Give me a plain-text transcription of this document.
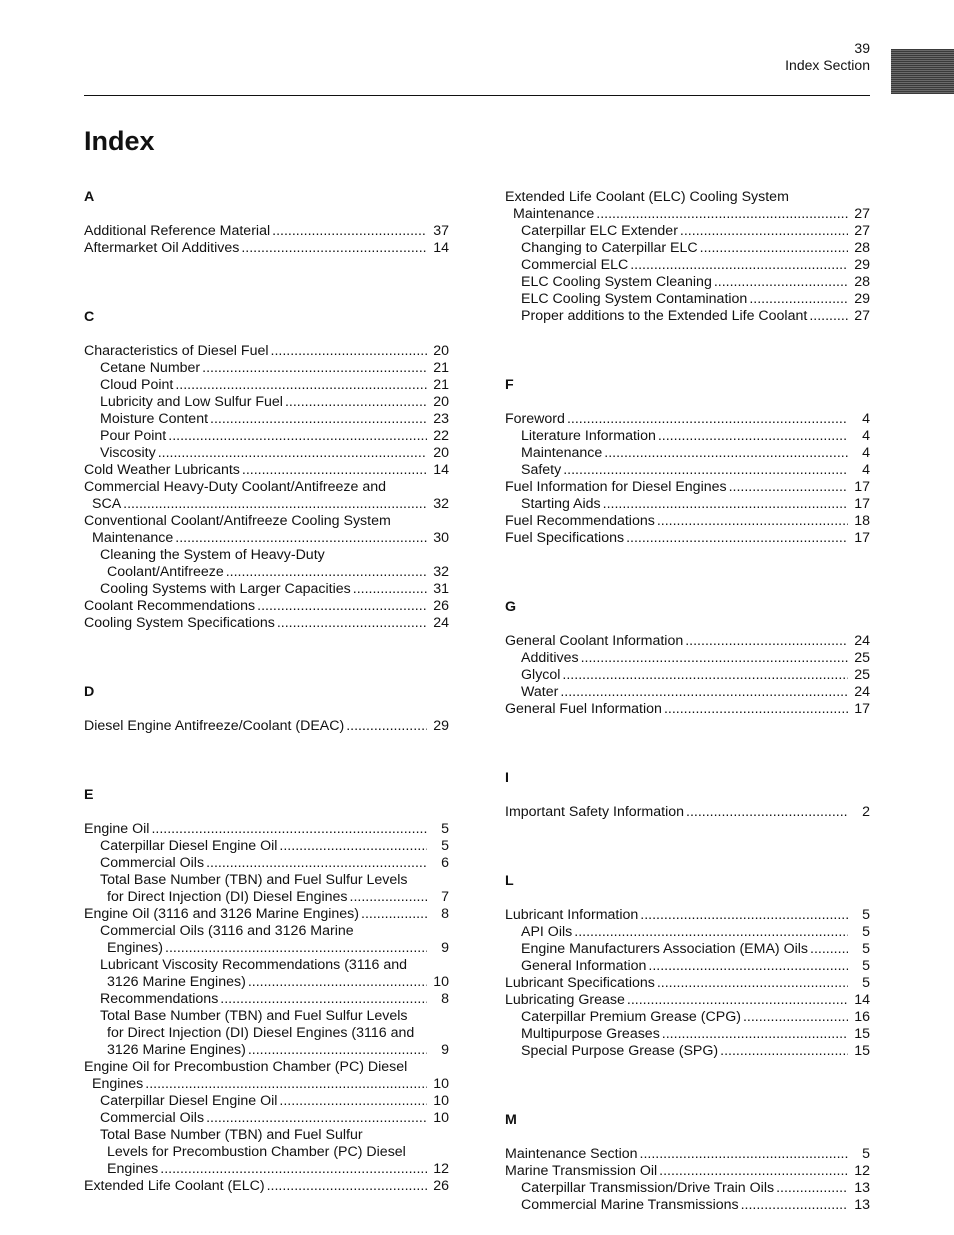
39
Index Section
Index
A
Additional Reference Material .....	37
Aftermarket Oil Additives .....	14
C
Characteristics of Diesel Fuel .....	20
Cetane Number .....	21
Cloud Point .....	21
Lubricity and Low Sulfur Fuel .....	20
Moisture Content .....	23
Pour Point .....	22
Viscosity .....	20
Cold Weather Lubricants .....	14
Commercial Heavy-Duty Coolant/Antifreeze and
SCA .....	32
Conventional Coolant/Antifreeze Cooling System
Maintenance .....	30
Cleaning the System of Heavy-Duty
Coolant/Antifreeze .....	32
Cooling Systems with Larger Capacities .....	31
Coolant Recommendations .....	26
Cooling System Specifications .....	24
D
Diesel Engine Antifreeze/Coolant (DEAC) .....	29
E
Engine Oil .....	5
Caterpillar Diesel Engine Oil .....	5
Commercial Oils .....	6
Total Base Number (TBN) and Fuel Sulfur Levels
for Direct Injection (DI) Diesel Engines .....	7
Engine Oil (3116 and 3126 Marine Engines) .....	8
Commercial Oils (3116 and 3126 Marine
Engines) .....	9
Lubricant Viscosity Recommendations (3116 and
3126 Marine Engines) .....	10
Recommendations .....	8
Total Base Number (TBN) and Fuel Sulfur Levels
for Direct Injection (DI) Diesel Engines (3116 and
3126 Marine Engines) .....	9
Engine Oil for Precombustion Chamber (PC) Diesel
Engines .....	10
Caterpillar Diesel Engine Oil .....	10
Commercial Oils .....	10
Total Base Number (TBN) and Fuel Sulfur
Levels for Precombustion Chamber (PC) Diesel
Engines .....	12
Extended Life Coolant (ELC) .....	26
Extended Life Coolant (ELC) Cooling System
Maintenance .....	27
Caterpillar ELC Extender .....	27
Changing to Caterpillar ELC .....	28
Commercial ELC .....	29
ELC Cooling System Cleaning .....	28
ELC Cooling System Contamination .....	29
Proper additions to the Extended Life Coolant .....	27
F
Foreword .....	4
Literature Information .....	4
Maintenance .....	4
Safety .....	4
Fuel Information for Diesel Engines .....	17
Starting Aids .....	17
Fuel Recommendations .....	18
Fuel Specifications .....	17
G
General Coolant Information .....	24
Additives .....	25
Glycol .....	25
Water .....	24
General Fuel Information .....	17
I
Important Safety Information .....	2
L
Lubricant Information .....	5
API Oils .....	5
Engine Manufacturers Association (EMA) Oils .....	5
General Information .....	5
Lubricant Specifications .....	5
Lubricating Grease .....	14
Caterpillar Premium Grease (CPG) .....	16
Multipurpose Greases .....	15
Special Purpose Grease (SPG) .....	15
M
Maintenance Section .....	5
Marine Transmission Oil .....	12
Caterpillar Transmission/Drive Train Oils .....	13
Commercial Marine Transmissions .....	13
